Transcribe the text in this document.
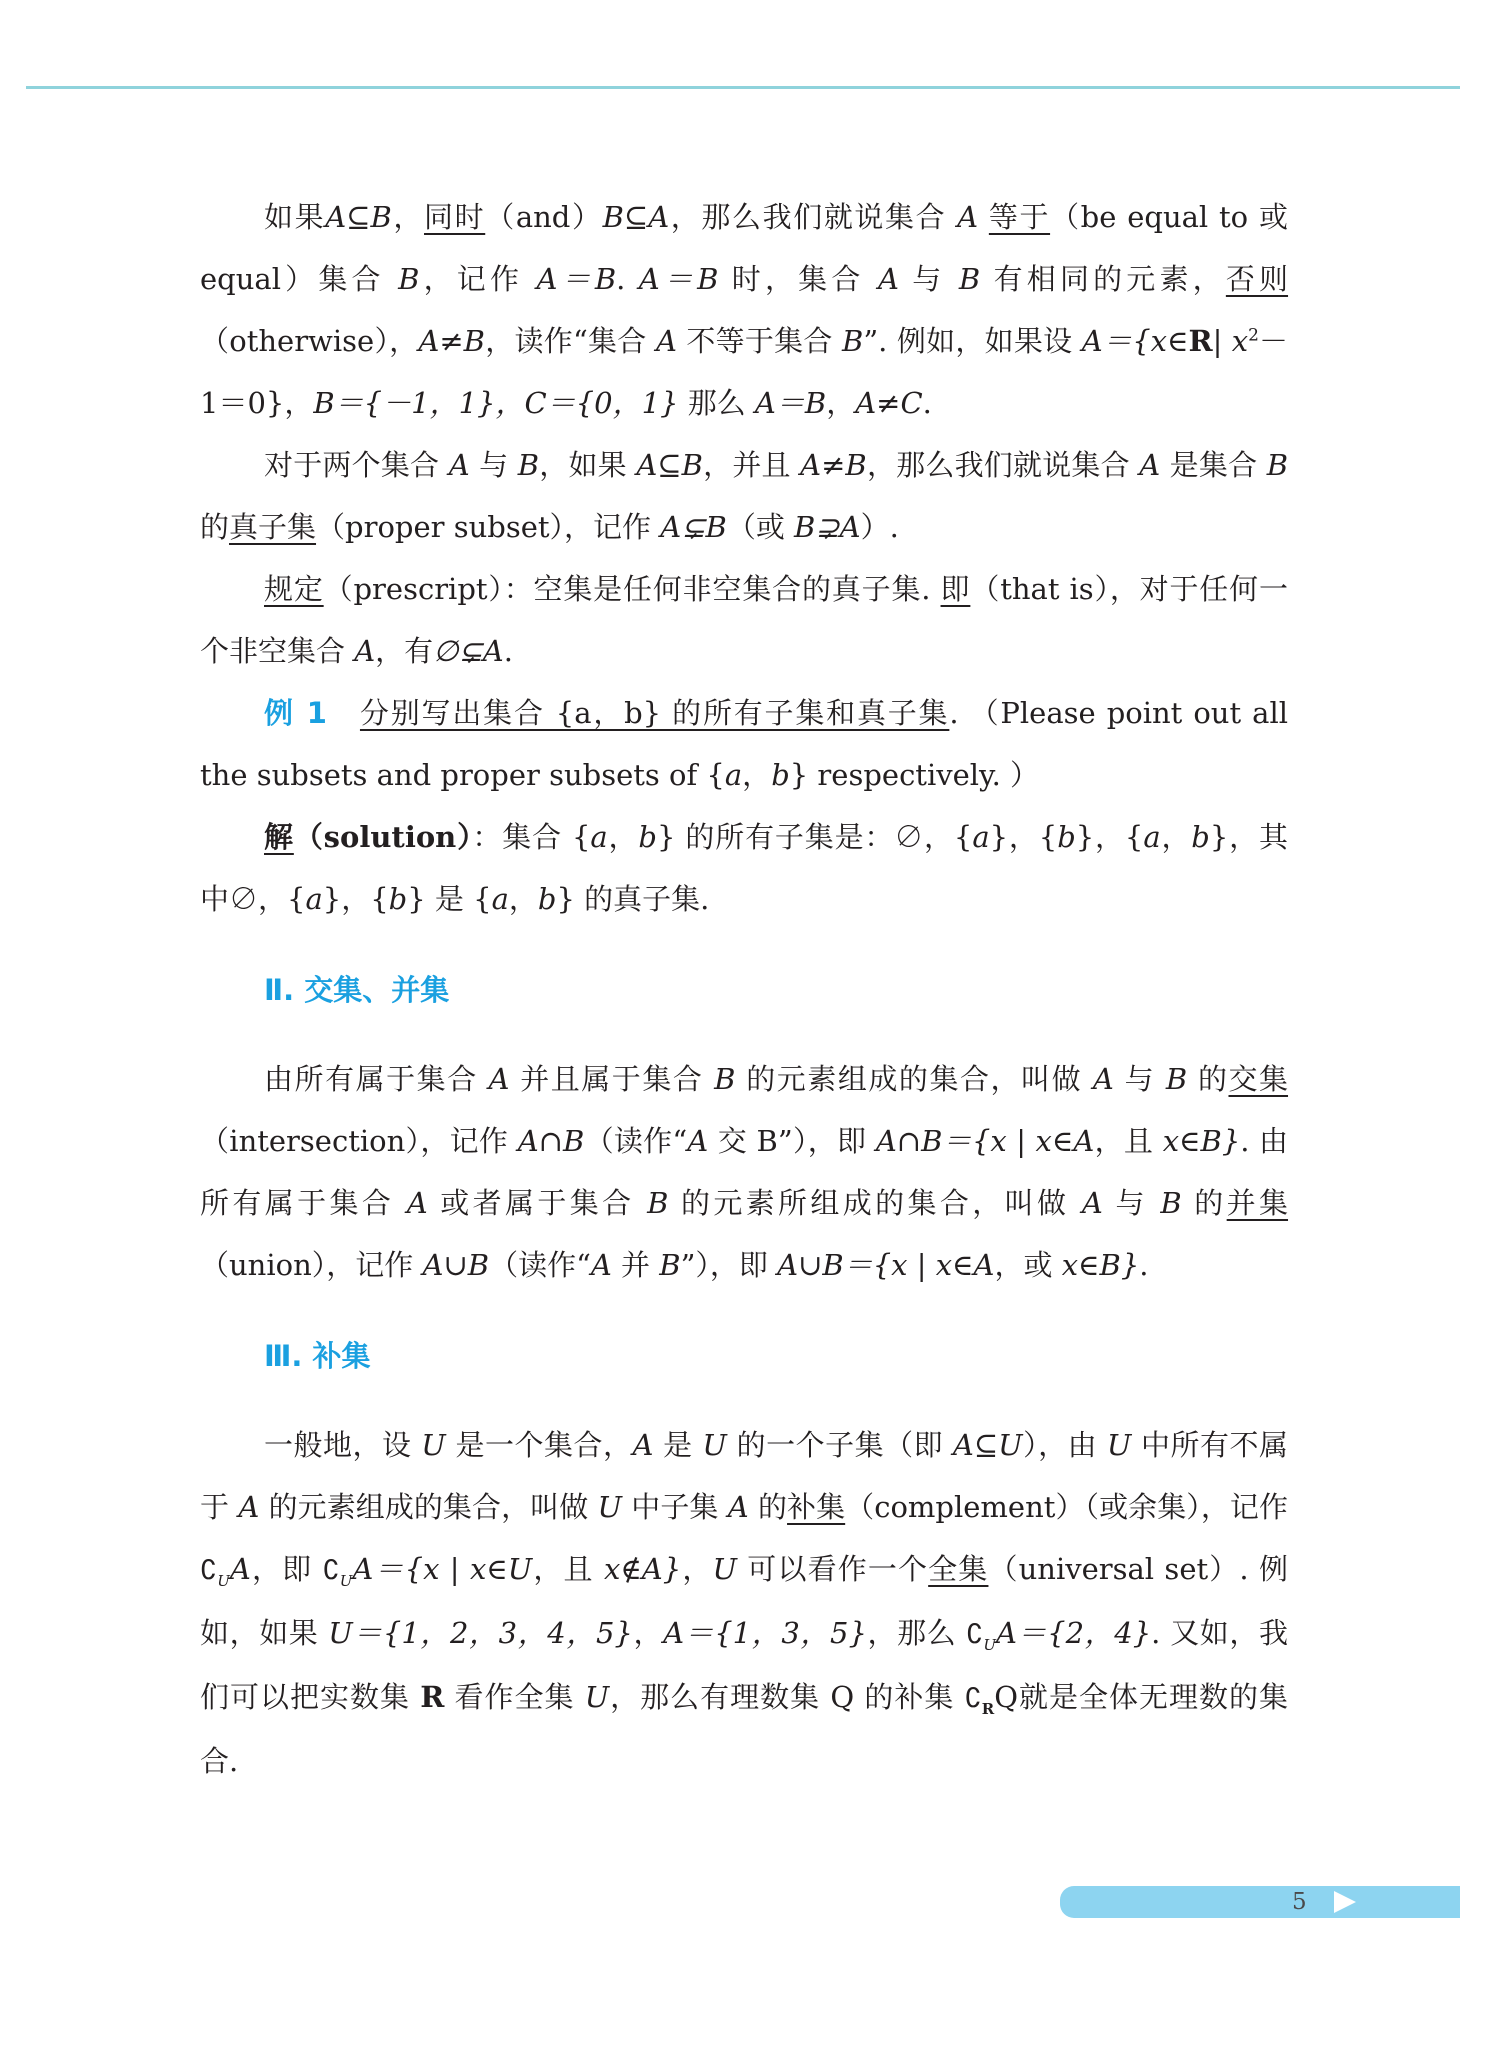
如果A⊆B，同时（and）B⊆A，那么我们就说集合 A 等于（be equal to 或 equal）集合 B，记作 A＝B. A＝B 时，集合 A 与 B 有相同的元素，否则（otherwise），A≠B，读作“集合 A 不等于集合 B”. 例如，如果设 A＝{x∈R| $x^2-1=0$}，B＝{－1，1}，C＝{0，1} 那么 A＝B，A≠C.

对于两个集合 A 与 B，如果 A⊆B，并且 A≠B，那么我们就说集合 A 是集合 B 的真子集（proper subset），记作 A⊊B（或 B⊋A）.

规定（prescript）：空集是任何非空集合的真子集. 即（that is），对于任何一个非空集合 A，有∅⊊A.

例 1 分别写出集合 {a，b} 的所有子集和真子集. （Please point out all the subsets and proper subsets of {a，b} respectively. ）

解（solution）：集合 {a，b} 的所有子集是：∅，{a}，{b}，{a，b}，其中∅，{a}，{b} 是 {a，b} 的真子集.

Ⅱ. 交集、并集

由所有属于集合 A 并且属于集合 B 的元素组成的集合，叫做 A 与 B 的交集（intersection），记作 A∩B（读作“A 交 B”），即 A∩B＝{x | x∈A，且 x∈B}. 由所有属于集合 A 或者属于集合 B 的元素所组成的集合，叫做 A 与 B 的并集（union），记作 A∪B（读作“A 并 B”），即 A∪B＝{x | x∈A，或 x∈B}.

Ⅲ. 补集

一般地，设 U 是一个集合，A 是 U 的一个子集（即 A⊆U），由 U 中所有不属于 A 的元素组成的集合，叫做 U 中子集 A 的补集（complement）（或余集），记作 $∁_UA$，即 $∁_UA=\{x$ | x∈U，且 x∉A}，U 可以看作一个全集（universal set）. 例如，如果 U＝{1，2，3，4，5}，A＝{1，3，5}，那么 $∁_UA=\{2$，4}. 又如，我们可以把实数集 R 看作全集 U，那么有理数集 Q 的补集 $∁_RQ$就是全体无理数的集合.

5
